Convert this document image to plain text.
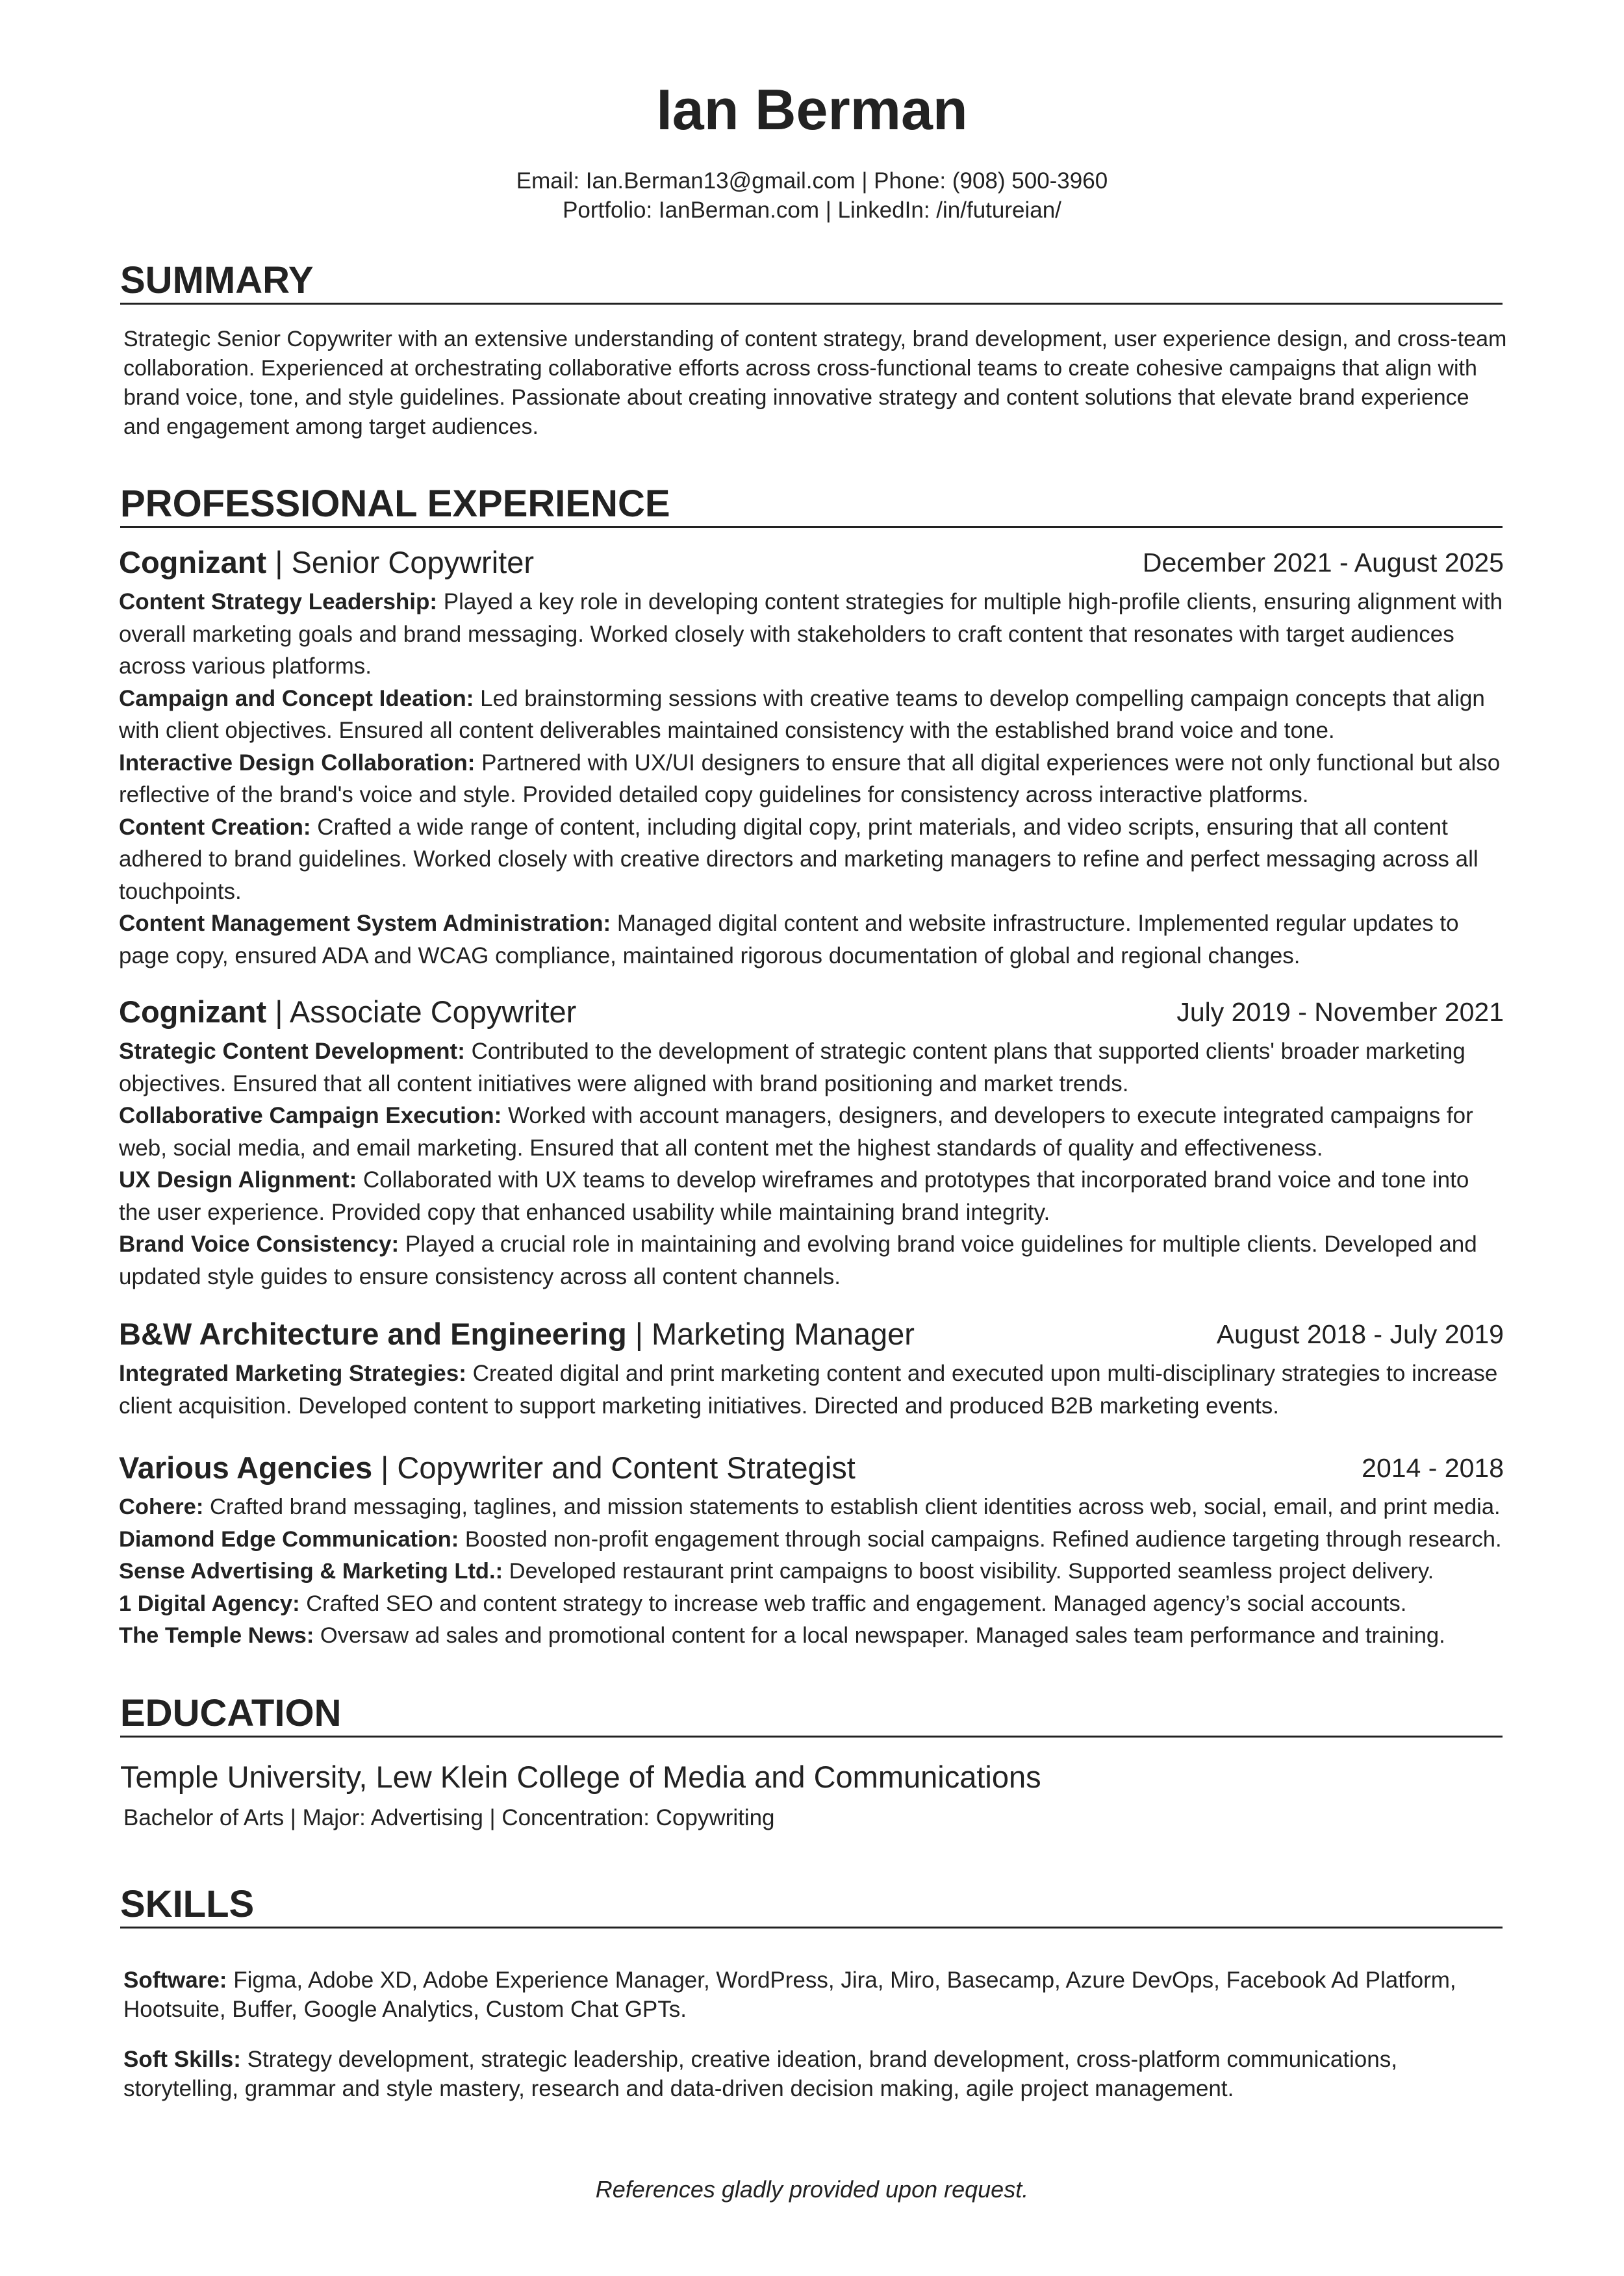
Ian Berman
Email: Ian.Berman13@gmail.com | Phone: (908) 500-3960
Portfolio: IanBerman.com | LinkedIn: /in/futureian/
SUMMARY
Strategic Senior Copywriter with an extensive understanding of content strategy, brand development, user experience design, and cross-team collaboration. Experienced at orchestrating collaborative efforts across cross-functional teams to create cohesive campaigns that align with brand voice, tone, and style guidelines. Passionate about creating innovative strategy and content solutions that elevate brand experience and engagement among target audiences.
PROFESSIONAL EXPERIENCE
Cognizant | Senior Copywriter	December 2021 - August 2025

Content Strategy Leadership: Played a key role in developing content strategies for multiple high-profile clients, ensuring alignment with overall marketing goals and brand messaging. Worked closely with stakeholders to craft content that resonates with target audiences across various platforms.

Campaign and Concept Ideation: Led brainstorming sessions with creative teams to develop compelling campaign concepts that align with client objectives. Ensured all content deliverables maintained consistency with the established brand voice and tone.

Interactive Design Collaboration: Partnered with UX/UI designers to ensure that all digital experiences were not only functional but also reflective of the brand's voice and style. Provided detailed copy guidelines for consistency across interactive platforms.

Content Creation: Crafted a wide range of content, including digital copy, print materials, and video scripts, ensuring that all content adhered to brand guidelines. Worked closely with creative directors and marketing managers to refine and perfect messaging across all touchpoints.

Content Management System Administration: Managed digital content and website infrastructure. Implemented regular updates to page copy, ensured ADA and WCAG compliance, maintained rigorous documentation of global and regional changes.

Cognizant | Associate Copywriter	July 2019 - November 2021

Strategic Content Development: Contributed to the development of strategic content plans that supported clients' broader marketing objectives. Ensured that all content initiatives were aligned with brand positioning and market trends.

Collaborative Campaign Execution: Worked with account managers, designers, and developers to execute integrated campaigns for web, social media, and email marketing. Ensured that all content met the highest standards of quality and effectiveness.

UX Design Alignment: Collaborated with UX teams to develop wireframes and prototypes that incorporated brand voice and tone into the user experience. Provided copy that enhanced usability while maintaining brand integrity.

Brand Voice Consistency: Played a crucial role in maintaining and evolving brand voice guidelines for multiple clients. Developed and updated style guides to ensure consistency across all content channels.

B&W Architecture and Engineering | Marketing Manager	August 2018 - July 2019

Integrated Marketing Strategies: Created digital and print marketing content and executed upon multi-disciplinary strategies to increase client acquisition. Developed content to support marketing initiatives. Directed and produced B2B marketing events.

Various Agencies | Copywriter and Content Strategist	2014 - 2018

Cohere: Crafted brand messaging, taglines, and mission statements to establish client identities across web, social, email, and print media.

Diamond Edge Communication: Boosted non-profit engagement through social campaigns. Refined audience targeting through research.

Sense Advertising & Marketing Ltd.: Developed restaurant print campaigns to boost visibility. Supported seamless project delivery.

1 Digital Agency: Crafted SEO and content strategy to increase web traffic and engagement. Managed agency’s social accounts.

The Temple News: Oversaw ad sales and promotional content for a local newspaper. Managed sales team performance and training.

EDUCATION
Temple University, Lew Klein College of Media and Communications
Bachelor of Arts | Major: Advertising | Concentration: Copywriting
SKILLS
Software: Figma, Adobe XD, Adobe Experience Manager, WordPress, Jira, Miro, Basecamp, Azure DevOps, Facebook Ad Platform, Hootsuite, Buffer, Google Analytics, Custom Chat GPTs.
Soft Skills: Strategy development, strategic leadership, creative ideation, brand development, cross-platform communications, storytelling, grammar and style mastery, research and data-driven decision making, agile project management.
References gladly provided upon request.
